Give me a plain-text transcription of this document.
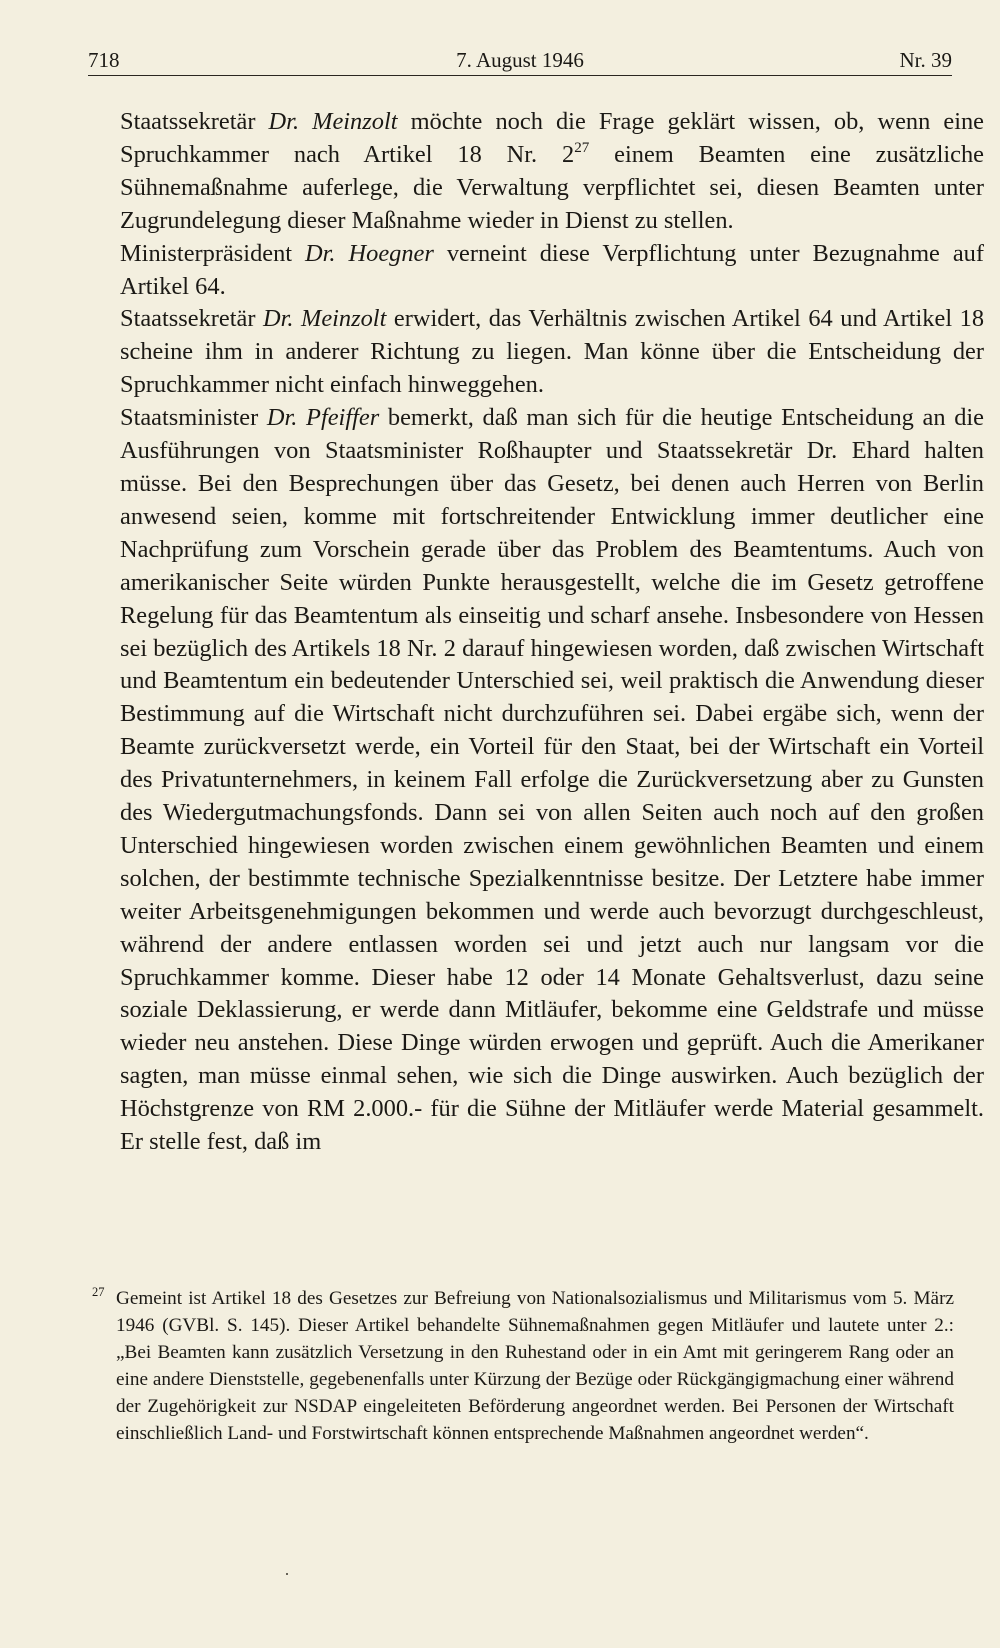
718	7. August 1946	Nr. 39

Staatssekretär Dr. Meinzolt möchte noch die Frage geklärt wissen, ob, wenn eine Spruchkammer nach Artikel 18 Nr. $2^{27}$ einem Beamten eine zusätzliche Sühnemaßnahme auferlege, die Verwaltung verpflichtet sei, diesen Beamten unter Zugrundelegung dieser Maßnahme wieder in Dienst zu stellen.

Ministerpräsident Dr. Hoegner verneint diese Verpflichtung unter Bezugnahme auf Artikel 64.

Staatssekretär Dr. Meinzolt erwidert, das Verhältnis zwischen Artikel 64 und Artikel 18 scheine ihm in anderer Richtung zu liegen. Man könne über die Entscheidung der Spruchkammer nicht einfach hinweggehen.

Staatsminister Dr. Pfeiffer bemerkt, daß man sich für die heutige Entscheidung an die Ausführungen von Staatsminister Roßhaupter und Staatssekretär Dr. Ehard halten müsse. Bei den Besprechungen über das Gesetz, bei denen auch Herren von Berlin anwesend seien, komme mit fortschreitender Entwicklung immer deutlicher eine Nachprüfung zum Vorschein gerade über das Problem des Beamtentums. Auch von amerikanischer Seite würden Punkte herausgestellt, welche die im Gesetz getroffene Regelung für das Beamtentum als einseitig und scharf ansehe. Insbesondere von Hessen sei bezüglich des Artikels 18 Nr. 2 darauf hingewiesen worden, daß zwischen Wirtschaft und Beamtentum ein bedeutender Unterschied sei, weil praktisch die Anwendung dieser Bestimmung auf die Wirtschaft nicht durchzuführen sei. Dabei ergäbe sich, wenn der Beamte zurückversetzt werde, ein Vorteil für den Staat, bei der Wirtschaft ein Vorteil des Privatunternehmers, in keinem Fall erfolge die Zurückversetzung aber zu Gunsten des Wiedergutmachungsfonds. Dann sei von allen Seiten auch noch auf den großen Unterschied hingewiesen worden zwischen einem gewöhnlichen Beamten und einem solchen, der bestimmte technische Spezialkenntnisse besitze. Der Letztere habe immer weiter Arbeitsgenehmigungen bekommen und werde auch bevorzugt durchgeschleust, während der andere entlassen worden sei und jetzt auch nur langsam vor die Spruchkammer komme. Dieser habe 12 oder 14 Monate Gehaltsverlust, dazu seine soziale Deklassierung, er werde dann Mitläufer, bekomme eine Geldstrafe und müsse wieder neu anstehen. Diese Dinge würden erwogen und geprüft. Auch die Amerikaner sagten, man müsse einmal sehen, wie sich die Dinge auswirken. Auch bezüglich der Höchstgrenze von RM 2.000.- für die Sühne der Mitläufer werde Material gesammelt. Er stelle fest, daß im

27 Gemeint ist Artikel 18 des Gesetzes zur Befreiung von Nationalsozialismus und Militarismus vom 5. März 1946 (GVBl. S. 145). Dieser Artikel behandelte Sühnemaßnahmen gegen Mitläufer und lautete unter 2.: „Bei Beamten kann zusätzlich Versetzung in den Ruhestand oder in ein Amt mit geringerem Rang oder an eine andere Dienststelle, gegebenenfalls unter Kürzung der Bezüge oder Rückgängigmachung einer während der Zugehörigkeit zur NSDAP eingeleiteten Beförderung angeordnet werden. Bei Personen der Wirtschaft einschließlich Land- und Forstwirtschaft können entsprechende Maßnahmen angeordnet werden“.
